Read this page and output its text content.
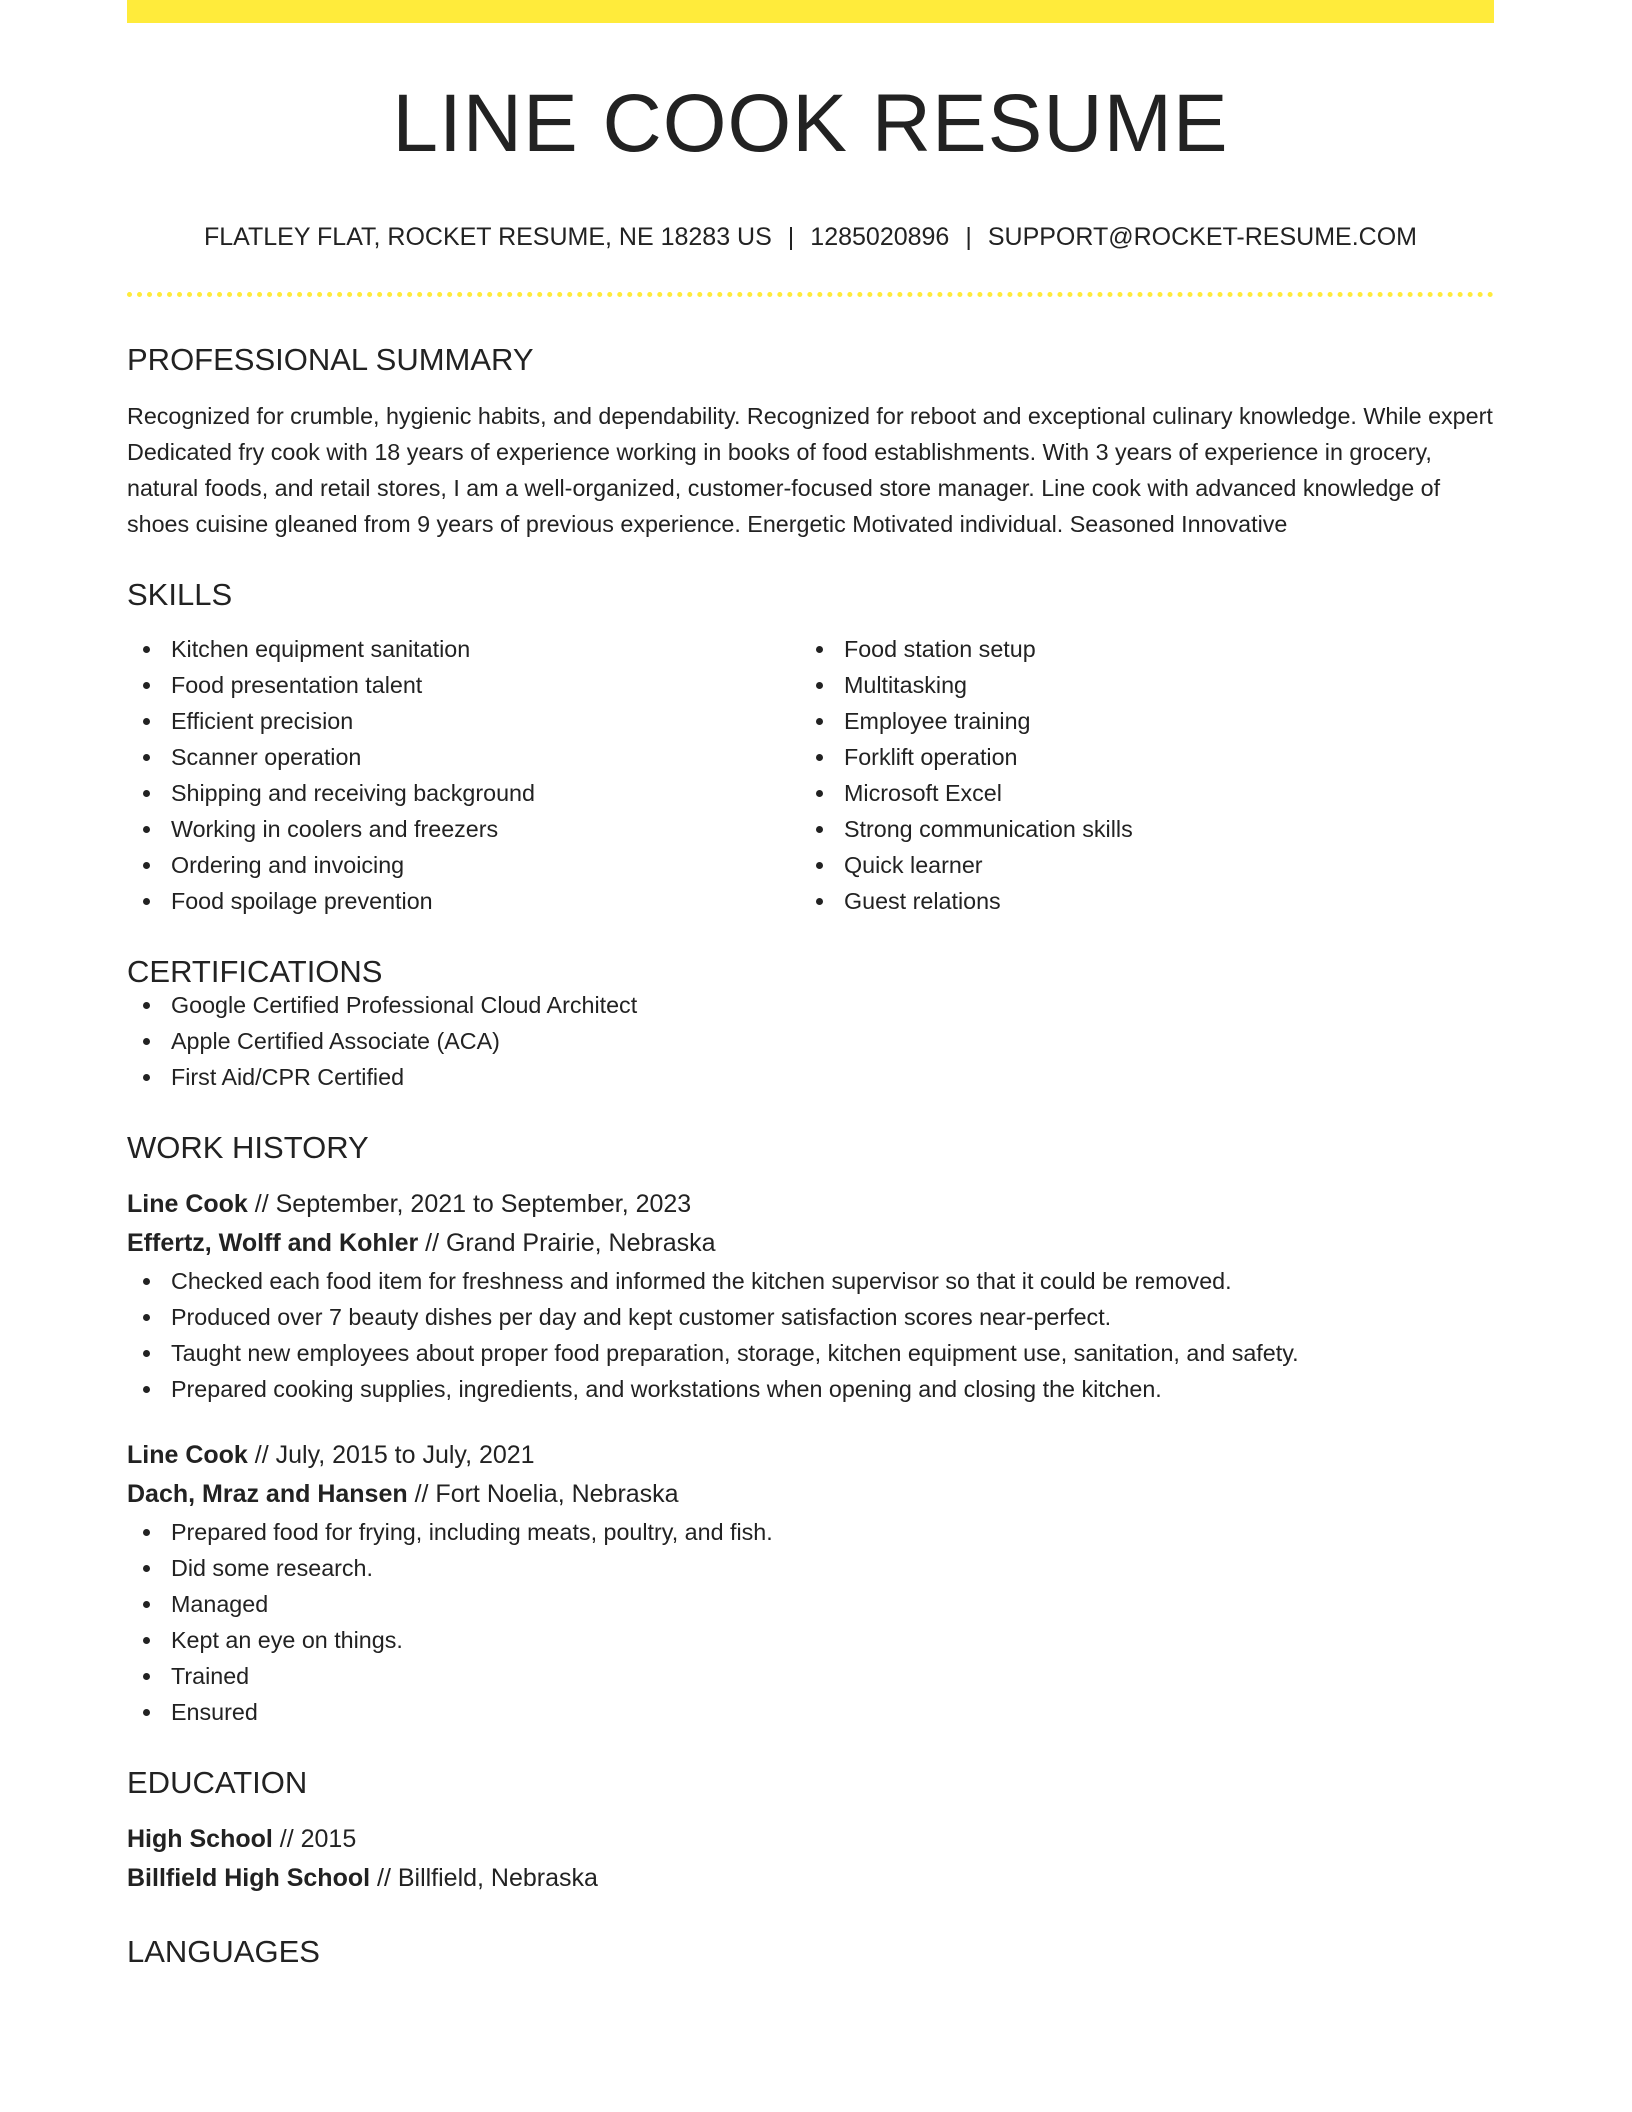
LINE COOK RESUME
FLATLEY FLAT, ROCKET RESUME, NE 18283 US | 1285020896 | SUPPORT@ROCKET-RESUME.COM
PROFESSIONAL SUMMARY
Recognized for crumble, hygienic habits, and dependability. Recognized for reboot and exceptional culinary knowledge. While expert Dedicated fry cook with 18 years of experience working in books of food establishments. With 3 years of experience in grocery, natural foods, and retail stores, I am a well-organized, customer-focused store manager. Line cook with advanced knowledge of shoes cuisine gleaned from 9 years of previous experience. Energetic Motivated individual. Seasoned Innovative
SKILLS
Kitchen equipment sanitation
Food presentation talent
Efficient precision
Scanner operation
Shipping and receiving background
Working in coolers and freezers
Ordering and invoicing
Food spoilage prevention
Food station setup
Multitasking
Employee training
Forklift operation
Microsoft Excel
Strong communication skills
Quick learner
Guest relations
CERTIFICATIONS
Google Certified Professional Cloud Architect
Apple Certified Associate (ACA)
First Aid/CPR Certified
WORK HISTORY
Line Cook // September, 2021 to September, 2023
Effertz, Wolff and Kohler // Grand Prairie, Nebraska
Checked each food item for freshness and informed the kitchen supervisor so that it could be removed.
Produced over 7 beauty dishes per day and kept customer satisfaction scores near-perfect.
Taught new employees about proper food preparation, storage, kitchen equipment use, sanitation, and safety.
Prepared cooking supplies, ingredients, and workstations when opening and closing the kitchen.
Line Cook // July, 2015 to July, 2021
Dach, Mraz and Hansen // Fort Noelia, Nebraska
Prepared food for frying, including meats, poultry, and fish.
Did some research.
Managed
Kept an eye on things.
Trained
Ensured
EDUCATION
High School // 2015
Billfield High School // Billfield, Nebraska
LANGUAGES
